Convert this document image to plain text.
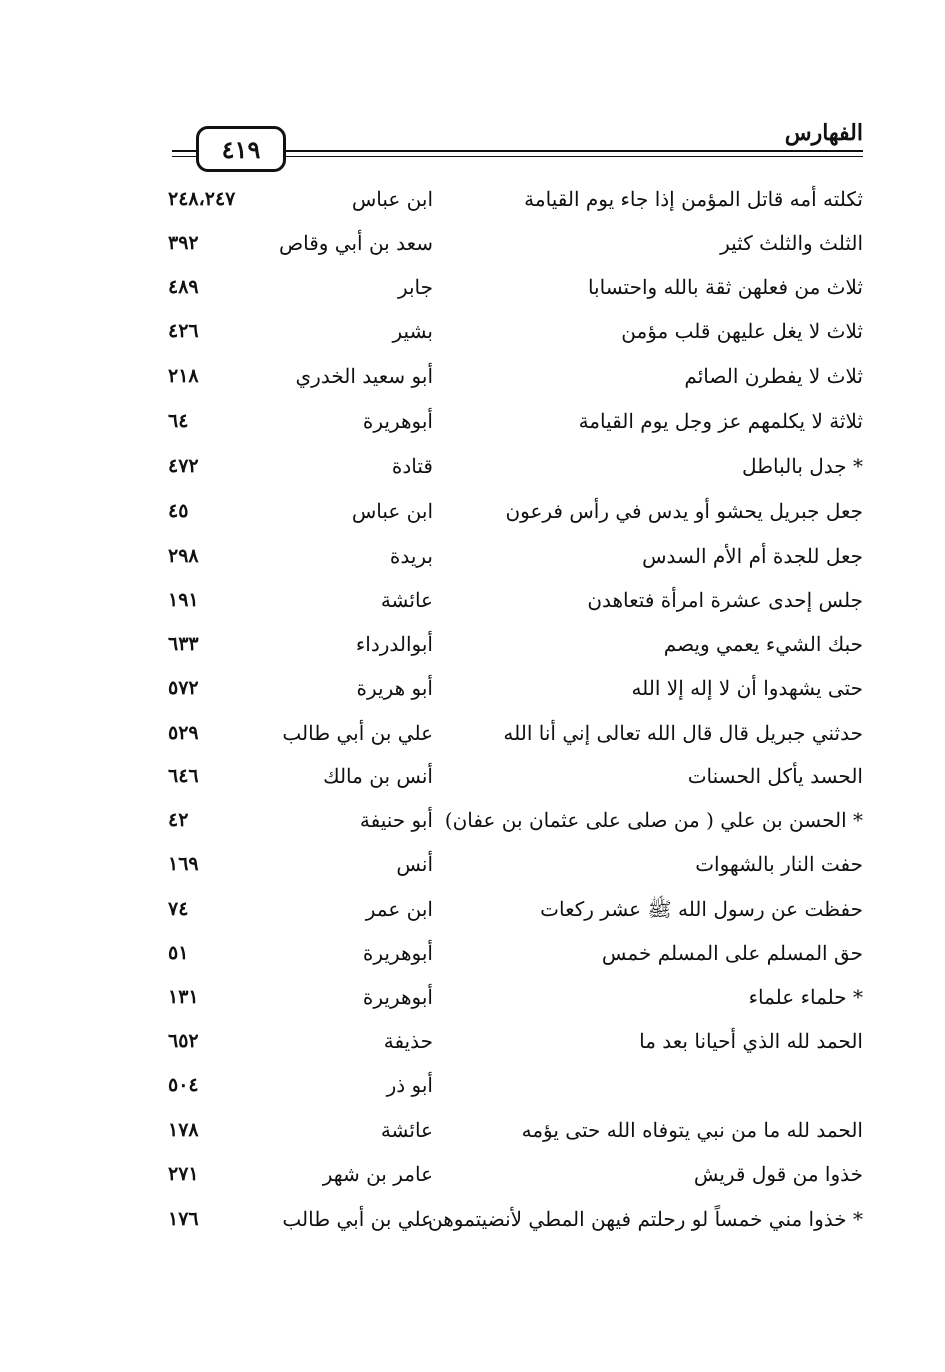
الفهارس
٤١٩
ثكلته أمه قاتل المؤمن إذا جاء يوم القيامة
ابن عباس
٢٤٨،٢٤٧
الثلث والثلث كثير
سعد بن أبي وقاص
٣٩٢
ثلاث من فعلهن ثقة بالله واحتسابا
جابر
٤٨٩
ثلاث لا يغل عليهن قلب مؤمن
بشير
٤٢٦
ثلاث لا يفطرن الصائم
أبو سعيد الخدري
٢١٨
ثلاثة لا يكلمهم عز وجل يوم القيامة
أبوهريرة
٦٤
* جدل بالباطل
قتادة
٤٧٢
جعل جبريل يحشو أو يدس في رأس فرعون
ابن عباس
٤٥
جعل للجدة أم الأم السدس
بريدة
٢٩٨
جلس إحدى عشرة امرأة فتعاهدن
عائشة
١٩١
حبك الشيء يعمي ويصم
أبوالدرداء
٦٣٣
حتى يشهدوا أن لا إله إلا الله
أبو هريرة
٥٧٢
حدثني جبريل قال قال الله تعالى إني أنا الله
علي بن أبي طالب
٥٢٩
الحسد يأكل الحسنات
أنس بن مالك
٦٤٦
* الحسن بن علي ( من صلى على عثمان بن عفان)
أبو حنيفة
٤٢
حفت النار بالشهوات
أنس
١٦٩
حفظت عن رسول الله ﷺ عشر ركعات
ابن عمر
٧٤
حق المسلم على المسلم خمس
أبوهريرة
٥١
* حلماء علماء
أبوهريرة
١٣١
الحمد لله الذي أحيانا بعد ما
حذيفة
٦٥٢
أبو ذر
٥٠٤
الحمد لله ما من نبي يتوفاه الله حتى يؤمه
عائشة
١٧٨
خذوا من قول قريش
عامر بن شهر
٢٧١
* خذوا مني خمساً لو رحلتم فيهن المطي لأنضيتموهن
علي بن أبي طالب
١٧٦
